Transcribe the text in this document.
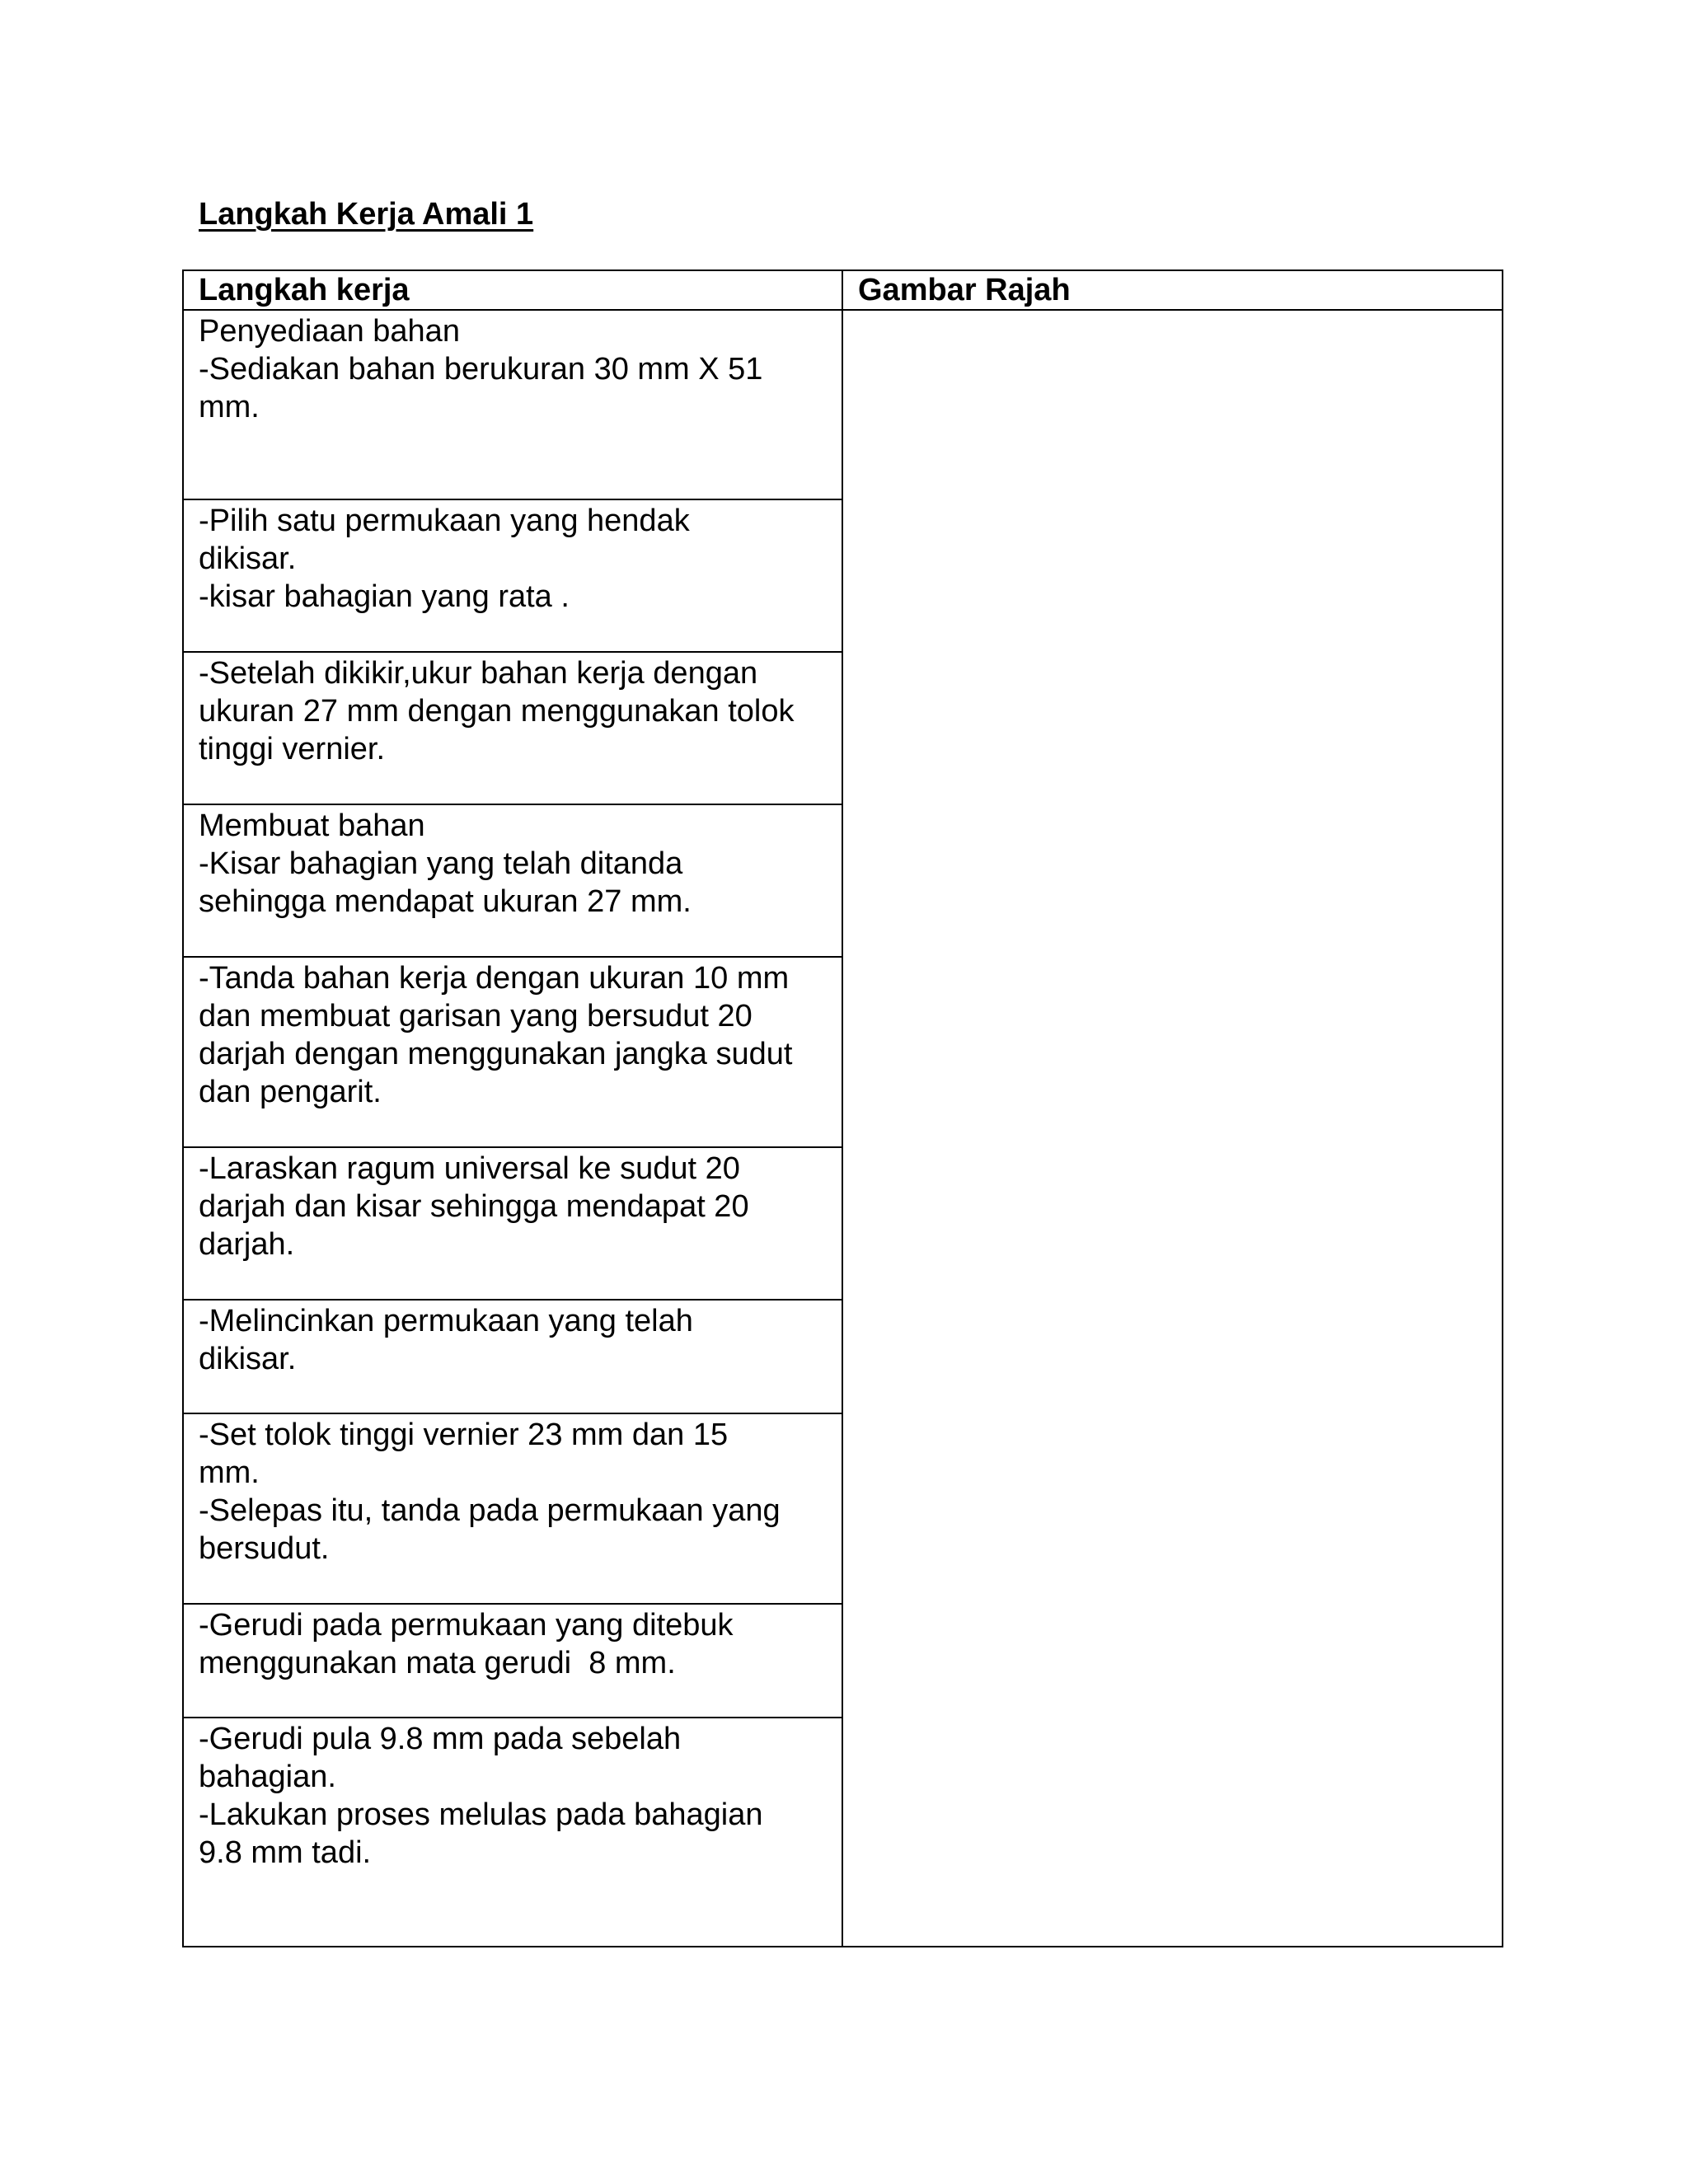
Langkah Kerja Amali 1
Langkah kerja	Gambar Rajah

Penyediaan bahan
-Sediakan bahan berukuran 30 mm X 51
mm.	

-Pilih satu permukaan yang hendak
dikisar.
-kisar bahagian yang rata .	

-Setelah dikikir,ukur bahan kerja dengan
ukuran 27 mm dengan menggunakan tolok
tinggi vernier.	

Membuat bahan
-Kisar bahagian yang telah ditanda
sehingga mendapat ukuran 27 mm.	

-Tanda bahan kerja dengan ukuran 10 mm
dan membuat garisan yang bersudut 20
darjah dengan menggunakan jangka sudut
dan pengarit.	

-Laraskan ragum universal ke sudut 20
darjah dan kisar sehingga mendapat 20
darjah.	

-Melincinkan permukaan yang telah
dikisar.	

-Set tolok tinggi vernier 23 mm dan 15
mm.
-Selepas itu, tanda pada permukaan yang
bersudut.	

-Gerudi pada permukaan yang ditebuk
menggunakan mata gerudi  8 mm.	

-Gerudi pula 9.8 mm pada sebelah
bahagian.
-Lakukan proses melulas pada bahagian
9.8 mm tadi.	
